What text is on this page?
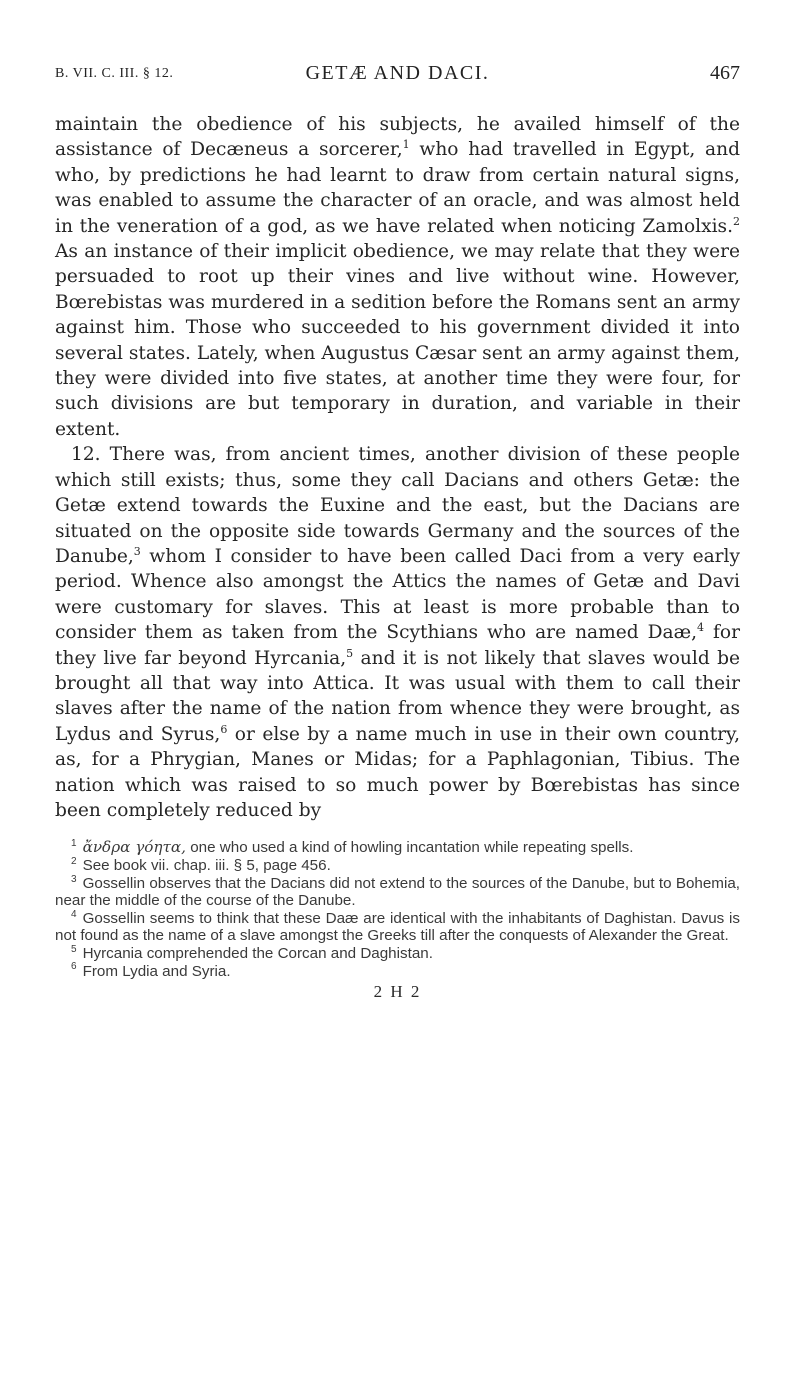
B. VII. C. III. § 12.	GETÆ AND DACI.	467

maintain the obedience of his subjects, he availed himself of the assistance of Decæneus a sorcerer,$^1$ who had travelled in Egypt, and who, by predictions he had learnt to draw from certain natural signs, was enabled to assume the character of an oracle, and was almost held in the veneration of a god, as we have related when noticing Zamolxis.$^2$ As an instance of their implicit obedience, we may relate that they were persuaded to root up their vines and live without wine. However, Bœrebistas was murdered in a sedition before the Romans sent an army against him. Those who succeeded to his government divided it into several states. Lately, when Augustus Cæsar sent an army against them, they were divided into five states, at another time they were four, for such divisions are but temporary in duration, and variable in their extent.

12. There was, from ancient times, another division of these people which still exists; thus, some they call Dacians and others Getæ: the Getæ extend towards the Euxine and the east, but the Dacians are situated on the opposite side towards Germany and the sources of the Danube,$^3$ whom I consider to have been called Daci from a very early period. Whence also amongst the Attics the names of Getæ and Davi were customary for slaves. This at least is more probable than to consider them as taken from the Scythians who are named Daæ,$^4$ for they live far beyond Hyrcania,$^5$ and it is not likely that slaves would be brought all that way into Attica. It was usual with them to call their slaves after the name of the nation from whence they were brought, as Lydus and Syrus,$^6$ or else by a name much in use in their own country, as, for a Phrygian, Manes or Midas; for a Paphlagonian, Tibius. The nation which was raised to so much power by Bœrebistas has since been completely reduced by

$^1$ ἄνδρα γόητα, one who used a kind of howling incantation while repeating spells.

$^2$ See book vii. chap. iii. § 5, page 456.

$^3$ Gossellin observes that the Dacians did not extend to the sources of the Danube, but to Bohemia, near the middle of the course of the Danube.

$^4$ Gossellin seems to think that these Daæ are identical with the inhabitants of Daghistan. Davus is not found as the name of a slave amongst the Greeks till after the conquests of Alexander the Great.

$^5$ Hyrcania comprehended the Corcan and Daghistan.

$^6$ From Lydia and Syria.

2 H 2
